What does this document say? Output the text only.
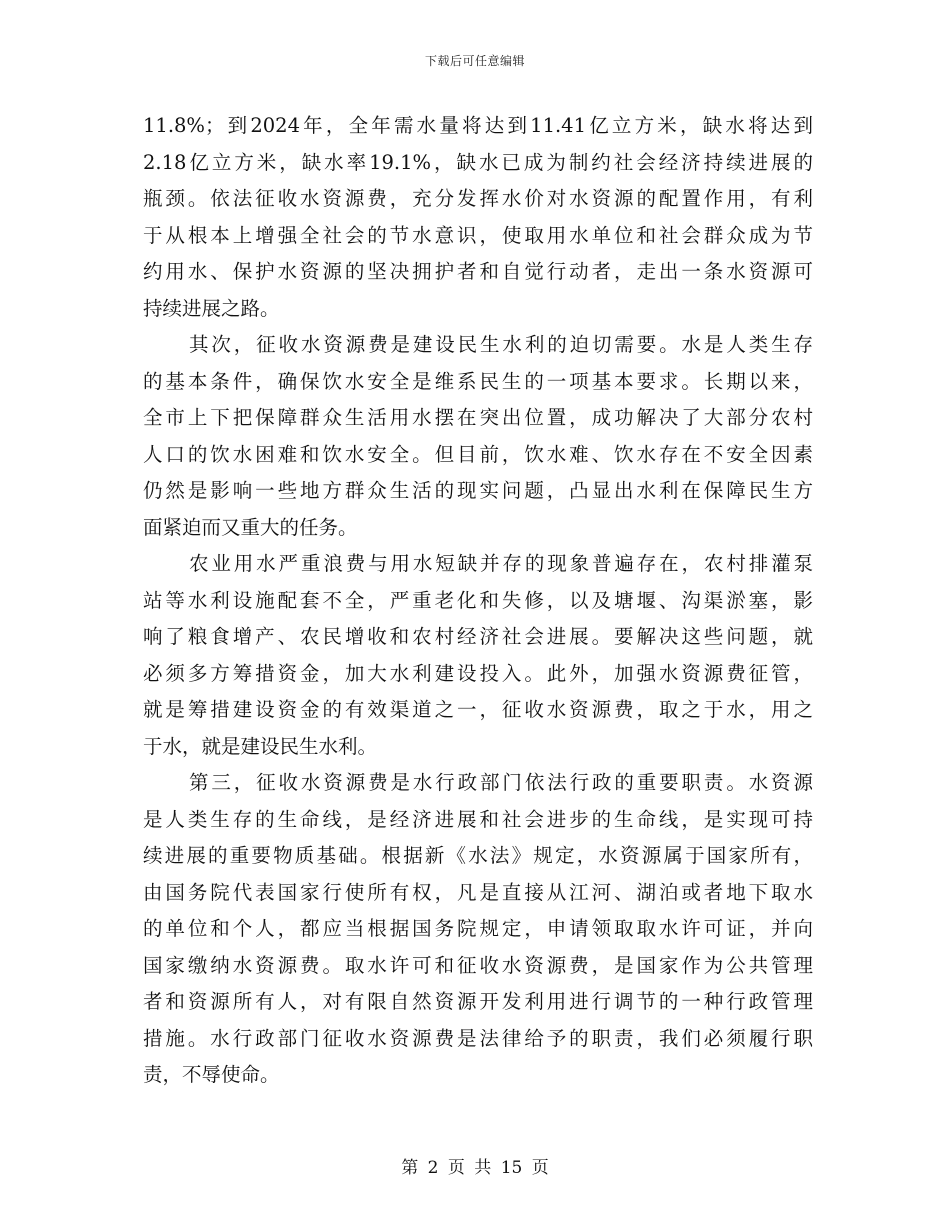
下载后可任意编辑
11.8%；到2024年，全年需水量将达到11.41亿立方米，缺水将达到
2.18亿立方米，缺水率19.1%，缺水已成为制约社会经济持续进展的
瓶颈。依法征收水资源费，充分发挥水价对水资源的配置作用，有利
于从根本上增强全社会的节水意识，使取用水单位和社会群众成为节
约用水、保护水资源的坚决拥护者和自觉行动者，走出一条水资源可
持续进展之路。
其次，征收水资源费是建设民生水利的迫切需要。水是人类生存
的基本条件，确保饮水安全是维系民生的一项基本要求。长期以来，
全市上下把保障群众生活用水摆在突出位置，成功解决了大部分农村
人口的饮水困难和饮水安全。但目前，饮水难、饮水存在不安全因素
仍然是影响一些地方群众生活的现实问题，凸显出水利在保障民生方
面紧迫而又重大的任务。
农业用水严重浪费与用水短缺并存的现象普遍存在，农村排灌泵
站等水利设施配套不全，严重老化和失修，以及塘堰、沟渠淤塞，影
响了粮食增产、农民增收和农村经济社会进展。要解决这些问题，就
必须多方筹措资金，加大水利建设投入。此外，加强水资源费征管，
就是筹措建设资金的有效渠道之一，征收水资源费，取之于水，用之
于水，就是建设民生水利。
第三，征收水资源费是水行政部门依法行政的重要职责。水资源
是人类生存的生命线，是经济进展和社会进步的生命线，是实现可持
续进展的重要物质基础。根据新《水法》规定，水资源属于国家所有，
由国务院代表国家行使所有权，凡是直接从江河、湖泊或者地下取水
的单位和个人，都应当根据国务院规定，申请领取取水许可证，并向
国家缴纳水资源费。取水许可和征收水资源费，是国家作为公共管理
者和资源所有人，对有限自然资源开发利用进行调节的一种行政管理
措施。水行政部门征收水资源费是法律给予的职责，我们必须履行职
责，不辱使命。
第 2 页 共 15 页
